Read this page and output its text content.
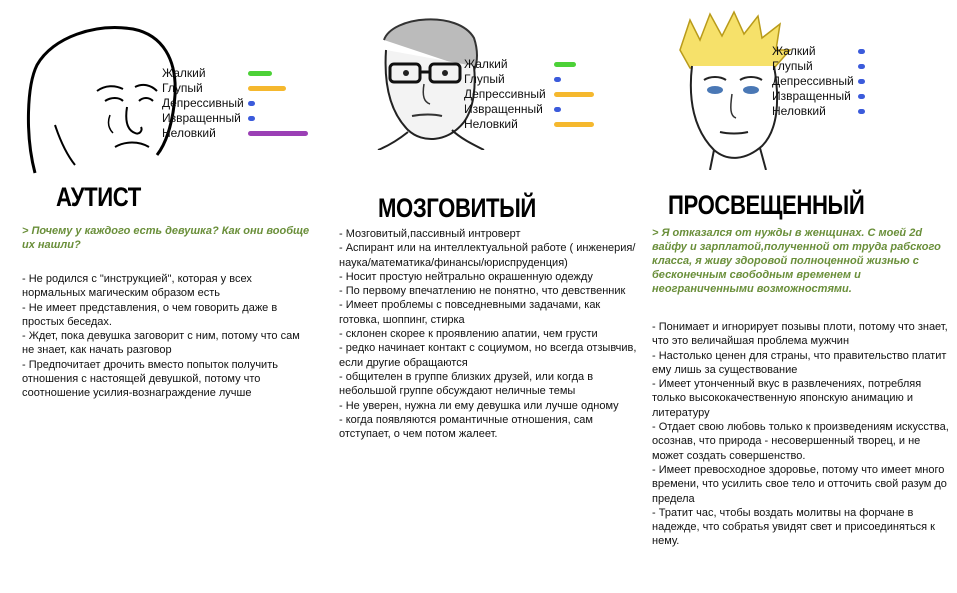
Жалкий
Глупый
Депрессивный
Извращенный
Неловкий
АУТИСТ
> Почему у каждого есть девушка? Как они вообще их нашли?
- Не родился с "инструкцией", которая у всех нормальных магическим образом есть
- Не имеет представления, о чем говорить даже в простых беседах.
- Ждет, пока девушка заговорит с ним, потому что сам не знает, как начать разговор
- Предпочитает дрочить вместо попыток получить отношения с настоящей девушкой, потому что соотношение усилия-вознаграждение лучше
Жалкий
Глупый
Депрессивный
Извращенный
Неловкий
МОЗГОВИТЫЙ
- Мозговитый,пассивный интроверт
- Аспирант или на интеллектуальной работе ( инженерия/наука/математика/финансы/юриспруденция)
- Носит простую нейтрально окрашенную одежду
- По первому впечатлению не понятно, что девственник
- Имеет проблемы с повседневными задачами, как готовка, шоппинг, стирка
- склонен скорее к проявлению апатии, чем грусти
- редко начинает контакт с социумом, но всегда отзывчив, если другие обращаются
- общителен в группе близких друзей, или когда в небольшой группе обсуждают неличные темы
- Не уверен, нужна ли ему девушка или лучше одному
- когда появляются романтичные отношения, сам отступает, о чем потом жалеет.
Жалкий
Глупый
Депрессивный
Извращенный
Неловкий
ПРОСВЕЩЕННЫЙ
> Я отказался от нужды в женщинах. С моей 2d вайфу и зарплатой,полученной от труда рабского класса, я живу здоровой полноценной жизнью с бесконечным свободным временем и неограниченными возможностями.
- Понимает и игнорирует позывы плоти, потому что знает, что это величайшая проблема мужчин
- Настолько ценен для страны, что правительство платит ему лишь за существование
- Имеет утонченный вкус в развлечениях, потребляя только высококачественную японскую анимацию и литературу
- Отдает свою любовь только к произведениям искусства, осознав, что природа - несовершенный творец, и не может создать совершенство.
- Имеет превосходное здоровье, потому что имеет много времени, что усилить свое тело и отточить свой разум до предела
- Тратит час, чтобы воздать молитвы на форчане в надежде, что собратья увидят свет и присоединяться к нему.
